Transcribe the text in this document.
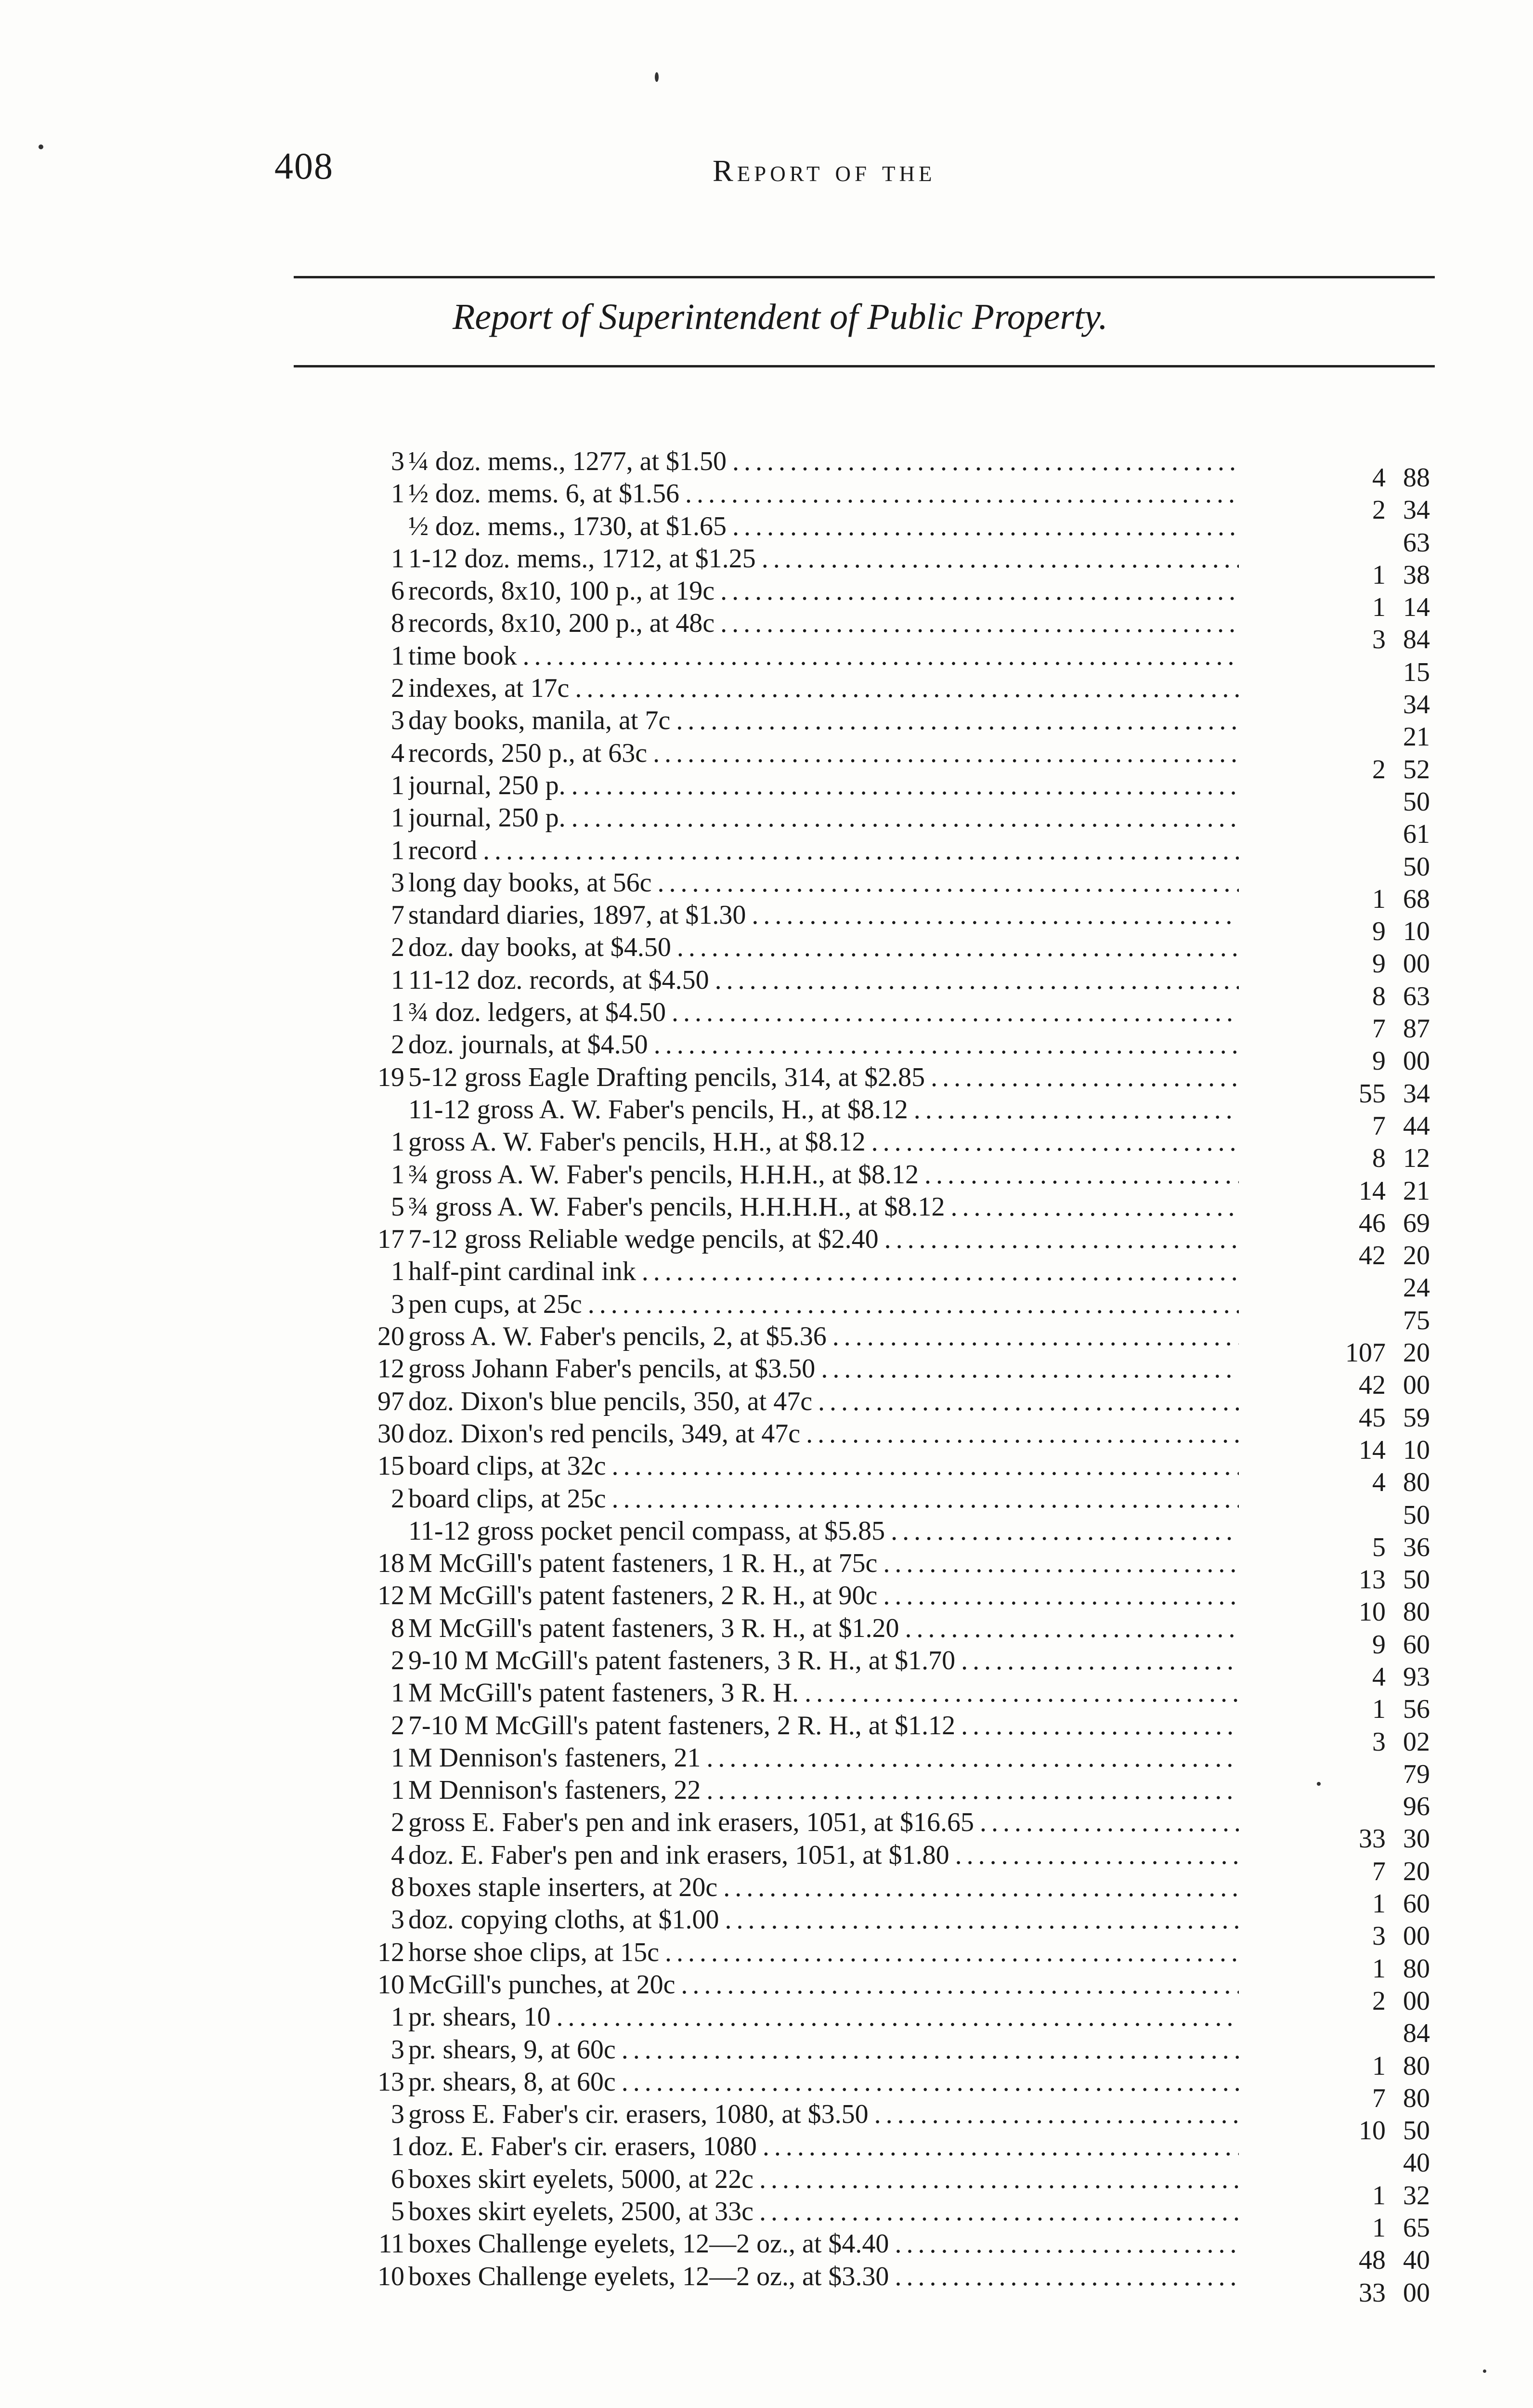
408	Report of the
Report of Superintendent of Public Property.
3 ¼ doz. mems., 1277, at $1.50 . . .
4 88
1 ½ doz. mems. 6, at $1.56 . . .
2 34
½ doz. mems., 1730, at $1.65 . . .
63
1 1-12 doz. mems., 1712, at $1.25 . . .
1 38
6 records, 8x10, 100 p., at 19c . . .
1 14
8 records, 8x10, 200 p., at 48c . . .
3 84
1 time book . . .
15
2 indexes, at 17c . . .
34
3 day books, manila, at 7c . . .
21
4 records, 250 p., at 63c . . .
2 52
1 journal, 250 p. . . .
50
1 journal, 250 p. . . .
61
1 record . . .
50
3 long day books, at 56c . . .
1 68
7 standard diaries, 1897, at $1.30 . . .
9 10
2 doz. day books, at $4.50 . . .
9 00
1 11-12 doz. records, at $4.50 . . .
8 63
1 ¾ doz. ledgers, at $4.50 . . .
7 87
2 doz. journals, at $4.50 . . .
9 00
19 5-12 gross Eagle Drafting pencils, 314, at $2.85 . . .
55 34
11-12 gross A. W. Faber's pencils, H., at $8.12 . . .
7 44
1 gross A. W. Faber's pencils, H.H., at $8.12 . . .
8 12
1 ¾ gross A. W. Faber's pencils, H.H.H., at $8.12 . . .
14 21
5 ¾ gross A. W. Faber's pencils, H.H.H.H., at $8.12 . . .
46 69
17 7-12 gross Reliable wedge pencils, at $2.40 . . .
42 20
1 half-pint cardinal ink . . .
24
3 pen cups, at 25c . . .
75
20 gross A. W. Faber's pencils, 2, at $5.36 . . .
107 20
12 gross Johann Faber's pencils, at $3.50 . . .
42 00
97 doz. Dixon's blue pencils, 350, at 47c . . .
45 59
30 doz. Dixon's red pencils, 349, at 47c . . .
14 10
15 board clips, at 32c . . .
4 80
2 board clips, at 25c . . .
50
11-12 gross pocket pencil compass, at $5.85 . . .
5 36
18 M McGill's patent fasteners, 1 R. H., at 75c . . .
13 50
12 M McGill's patent fasteners, 2 R. H., at 90c . . .
10 80
8 M McGill's patent fasteners, 3 R. H., at $1.20 . . .
9 60
2 9-10 M McGill's patent fasteners, 3 R. H., at $1.70 . . .
4 93
1 M McGill's patent fasteners, 3 R. H. . . .
1 56
2 7-10 M McGill's patent fasteners, 2 R. H., at $1.12 . . .
3 02
1 M Dennison's fasteners, 21 . . .
79
1 M Dennison's fasteners, 22 . . .
96
2 gross E. Faber's pen and ink erasers, 1051, at $16.65 . . .
33 30
4 doz. E. Faber's pen and ink erasers, 1051, at $1.80 . . .
7 20
8 boxes staple inserters, at 20c . . .
1 60
3 doz. copying cloths, at $1.00 . . .
3 00
12 horse shoe clips, at 15c . . .
1 80
10 McGill's punches, at 20c . . .
2 00
1 pr. shears, 10 . . .
84
3 pr. shears, 9, at 60c . . .
1 80
13 pr. shears, 8, at 60c . . .
7 80
3 gross E. Faber's cir. erasers, 1080, at $3.50 . . .
10 50
1 doz. E. Faber's cir. erasers, 1080 . . .
40
6 boxes skirt eyelets, 5000, at 22c . . .
1 32
5 boxes skirt eyelets, 2500, at 33c . . .
1 65
11 boxes Challenge eyelets, 12—2 oz., at $4.40 . . .
48 40
10 boxes Challenge eyelets, 12—2 oz., at $3.30 . . .
33 00
